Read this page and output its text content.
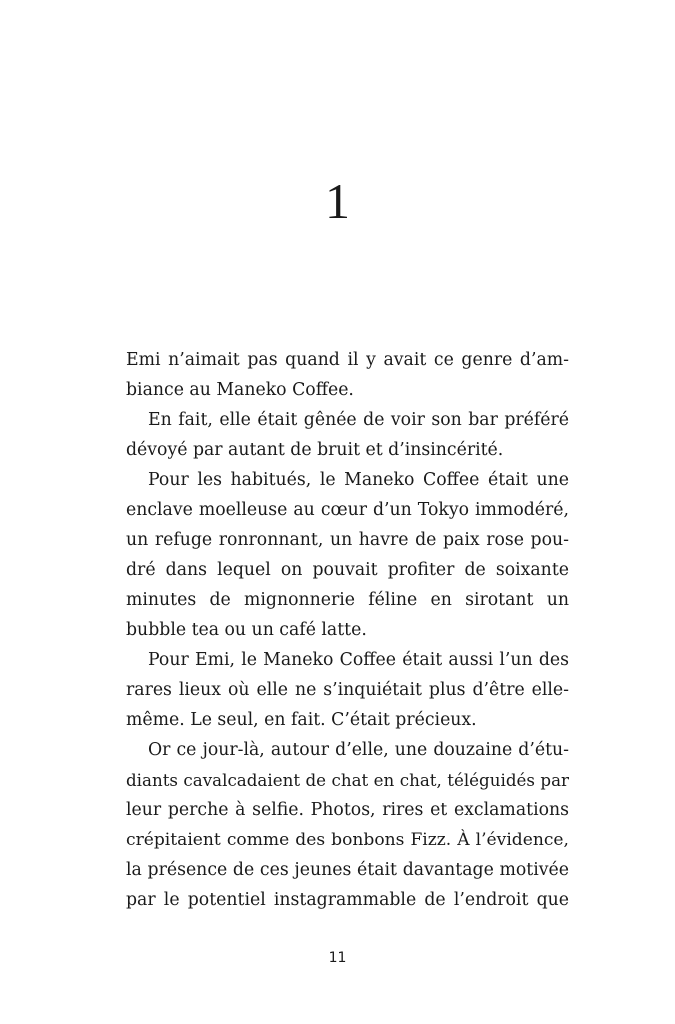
1
Emi n’aimait pas quand il y avait ce genre d’am-
biance au Maneko Coffee.
En fait, elle était gênée de voir son bar préféré
dévoyé par autant de bruit et d’insincérité.
Pour les habitués, le Maneko Coffee était une
enclave moelleuse au cœur d’un Tokyo immodéré,
un refuge ronronnant, un havre de paix rose pou-
dré dans lequel on pouvait profiter de soixante
minutes de mignonnerie féline en sirotant un
bubble tea ou un café latte.
Pour Emi, le Maneko Coffee était aussi l’un des
rares lieux où elle ne s’inquiétait plus d’être elle-
même. Le seul, en fait. C’était précieux.
Or ce jour-là, autour d’elle, une douzaine d’étu-
diants cavalcadaient de chat en chat, téléguidés par
leur perche à selfie. Photos, rires et exclamations
crépitaient comme des bonbons Fizz. À l’évidence,
la présence de ces jeunes était davantage motivée
par le potentiel instagrammable de l’endroit que
11
